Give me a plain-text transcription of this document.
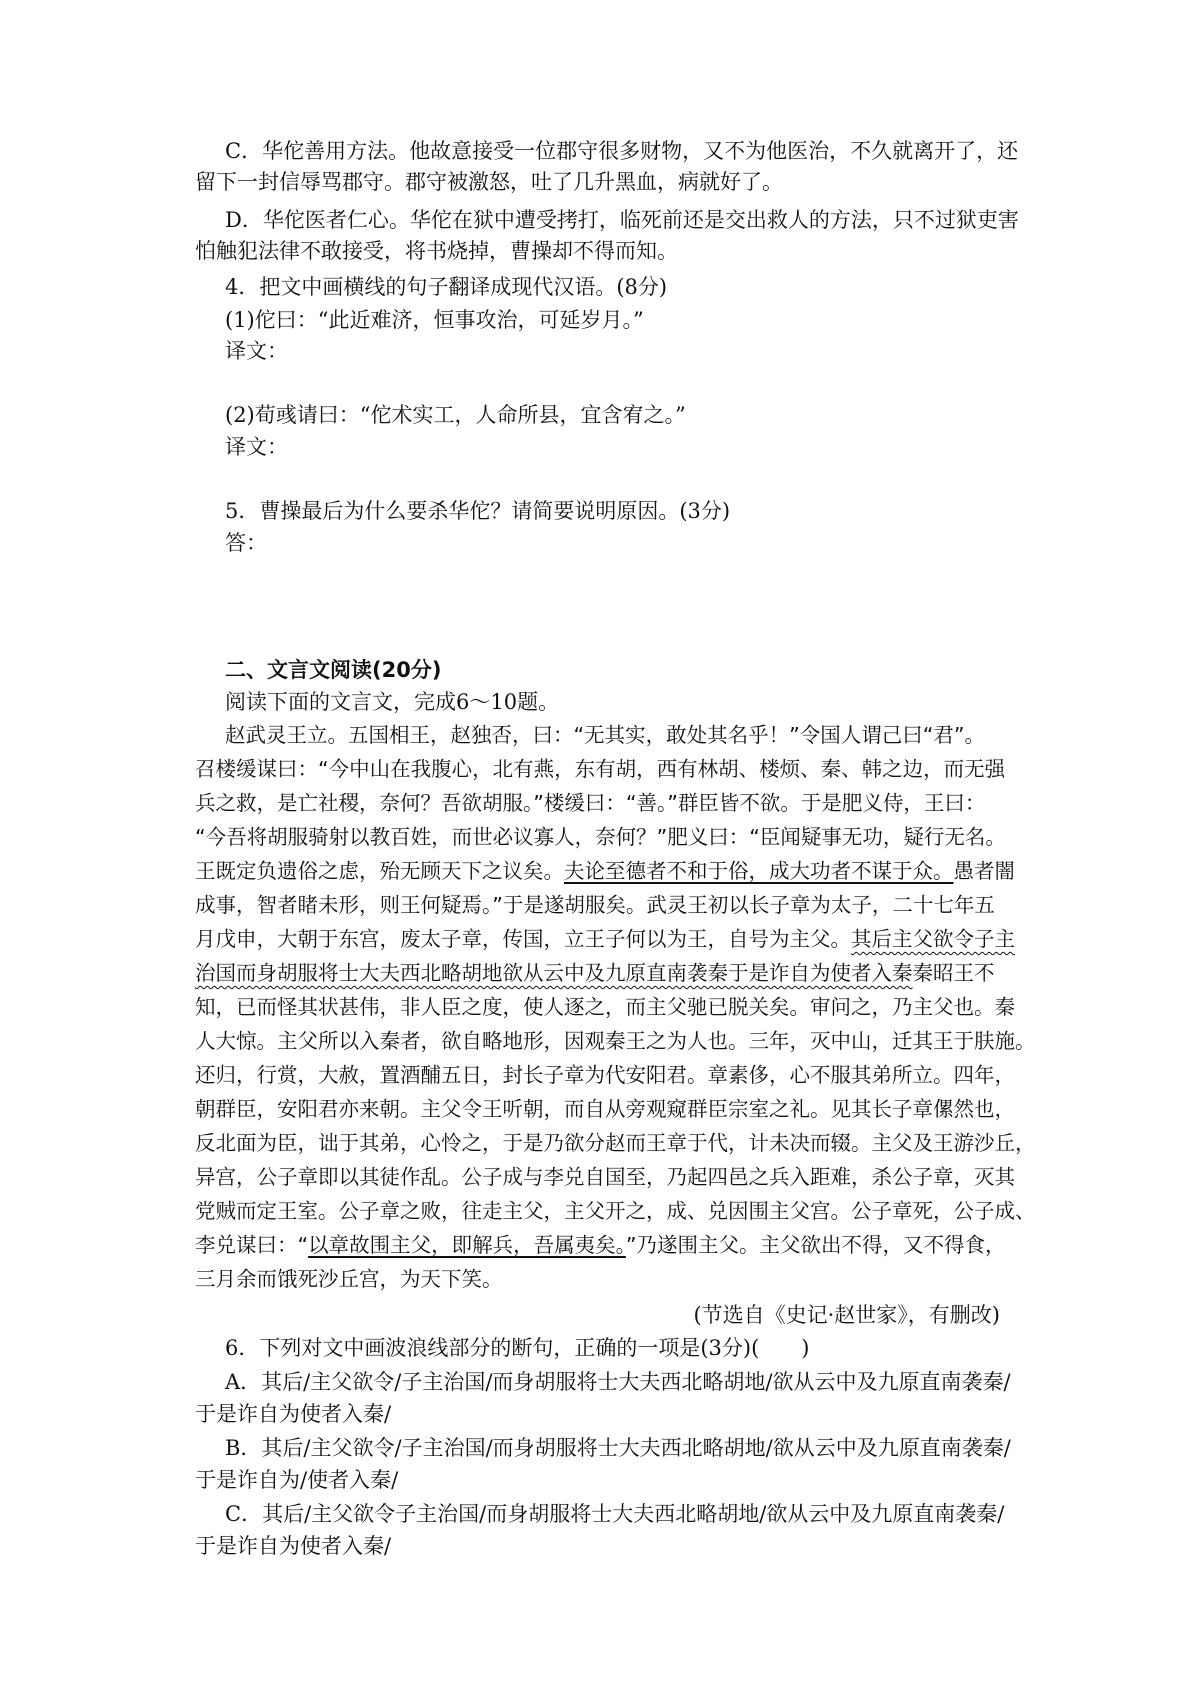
C．华佗善用方法。他故意接受一位郡守很多财物，又不为他医治，不久就离开了，还

留下一封信辱骂郡守。郡守被激怒，吐了几升黑血，病就好了。

D．华佗医者仁心。华佗在狱中遭受拷打，临死前还是交出救人的方法，只不过狱吏害

怕触犯法律不敢接受，将书烧掉，曹操却不得而知。

4．把文中画横线的句子翻译成现代汉语。(8分)

(1)佗曰：“此近难济，恒事攻治，可延岁月。”

译文：

(2)荀彧请曰：“佗术实工，人命所县，宜含宥之。”

译文：

5．曹操最后为什么要杀华佗？请简要说明原因。(3分)

答：

二、文言文阅读(20分)

阅读下面的文言文，完成6～10题。

赵武灵王立。五国相王，赵独否，曰：“无其实，敢处其名乎！”令国人谓己曰“君”。

召楼缓谋曰：“今中山在我腹心，北有燕，东有胡，西有林胡、楼烦、秦、韩之边，而无强

兵之救，是亡社稷，奈何？吾欲胡服。”楼缓曰：“善。”群臣皆不欲。于是肥义侍，王曰：

“今吾将胡服骑射以教百姓，而世必议寡人，奈何？”肥义曰：“臣闻疑事无功，疑行无名。

王既定负遗俗之虑，殆无顾天下之议矣。夫论至德者不和于俗，成大功者不谋于众。愚者闇

成事，智者睹未形，则王何疑焉。”于是遂胡服矣。武灵王初以长子章为太子，二十七年五

月戊申，大朝于东宫，废太子章，传国，立王子何以为王，自号为主父。其后主父欲令子主

治国而身胡服将士大夫西北略胡地欲从云中及九原直南袭秦于是诈自为使者入秦秦昭王不

知，已而怪其状甚伟，非人臣之度，使人逐之，而主父驰已脱关矣。审问之，乃主父也。秦

人大惊。主父所以入秦者，欲自略地形，因观秦王之为人也。三年，灭中山，迁其王于肤施。

还归，行赏，大赦，置酒酺五日，封长子章为代安阳君。章素侈，心不服其弟所立。四年，

朝群臣，安阳君亦来朝。主父令王听朝，而自从旁观窥群臣宗室之礼。见其长子章傫然也，

反北面为臣，诎于其弟，心怜之，于是乃欲分赵而王章于代，计未决而辍。主父及王游沙丘，

异宫，公子章即以其徒作乱。公子成与李兑自国至，乃起四邑之兵入距难，杀公子章，灭其

党贼而定王室。公子章之败，往走主父，主父开之，成、兑因围主父宫。公子章死，公子成、

李兑谋曰：“以章故围主父，即解兵，吾属夷矣。”乃遂围主父。主父欲出不得，又不得食，

三月余而饿死沙丘宫，为天下笑。

(节选自《史记·赵世家》，有删改)

6．下列对文中画波浪线部分的断句，正确的一项是(3分)(　　)

A．其后/主父欲令/子主治国/而身胡服将士大夫西北略胡地/欲从云中及九原直南袭秦/

于是诈自为使者入秦/

B．其后/主父欲令/子主治国/而身胡服将士大夫西北略胡地/欲从云中及九原直南袭秦/

于是诈自为/使者入秦/

C．其后/主父欲令子主治国/而身胡服将士大夫西北略胡地/欲从云中及九原直南袭秦/

于是诈自为使者入秦/
